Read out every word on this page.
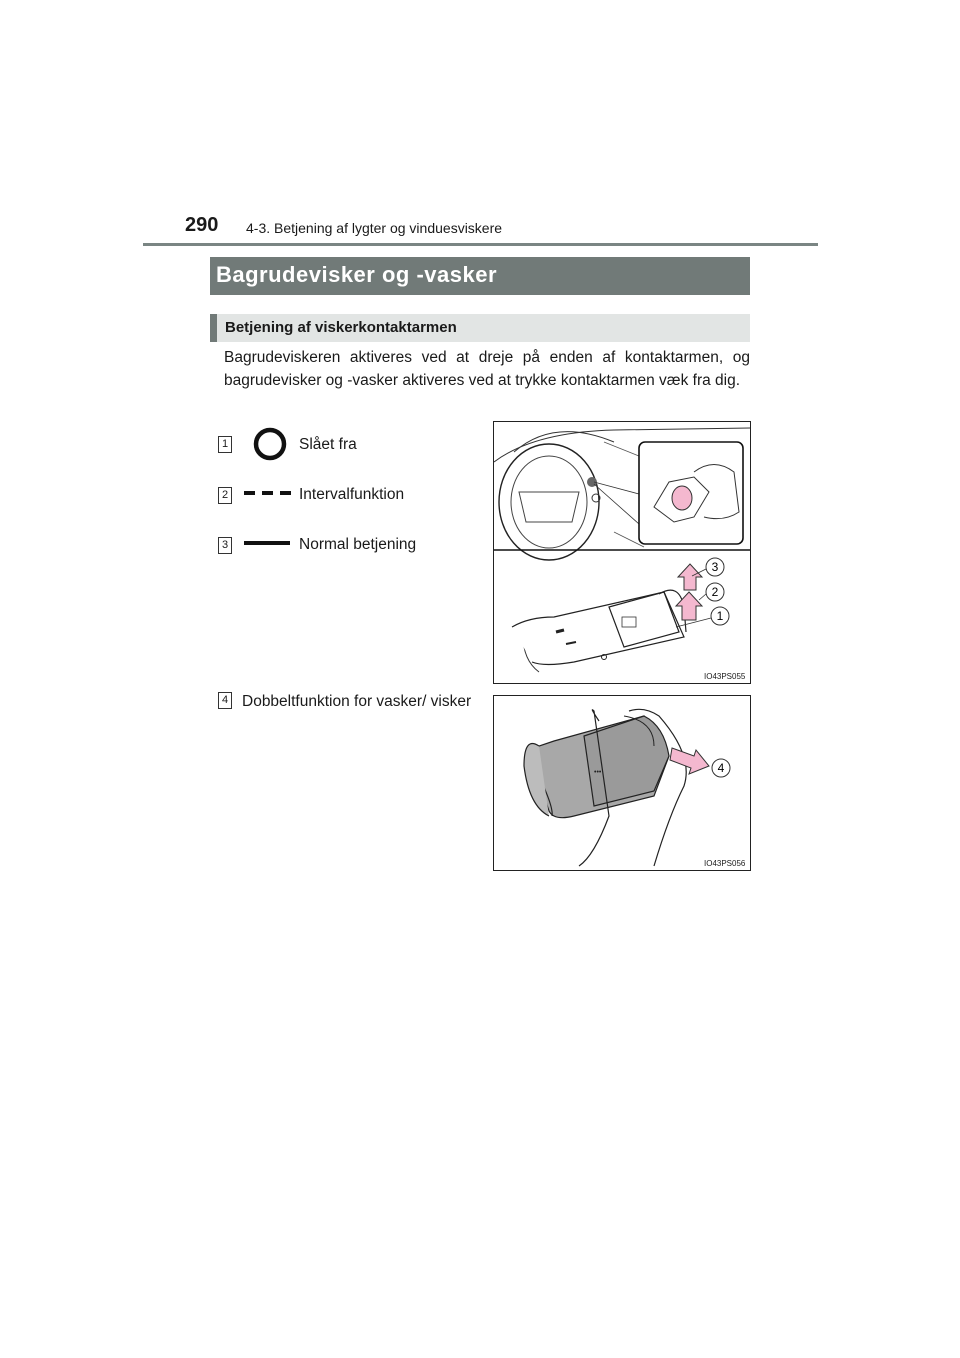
290 4-3. Betjening af lygter og vinduesviskere
Bagrudevisker og -vasker
Betjening af viskerkontaktarmen
Bagrudeviskeren aktiveres ved at dreje på enden af kontaktarmen, og bagrudevisker og -vasker aktiveres ved at trykke kontaktarmen væk fra dig.
1	Slået fra
2	Intervalfunktion
3	Normal betjening
4 Dobbeltfunktion for vasker/ visker
3
2
1
IO43PS055
•••	4
IO43PS056
